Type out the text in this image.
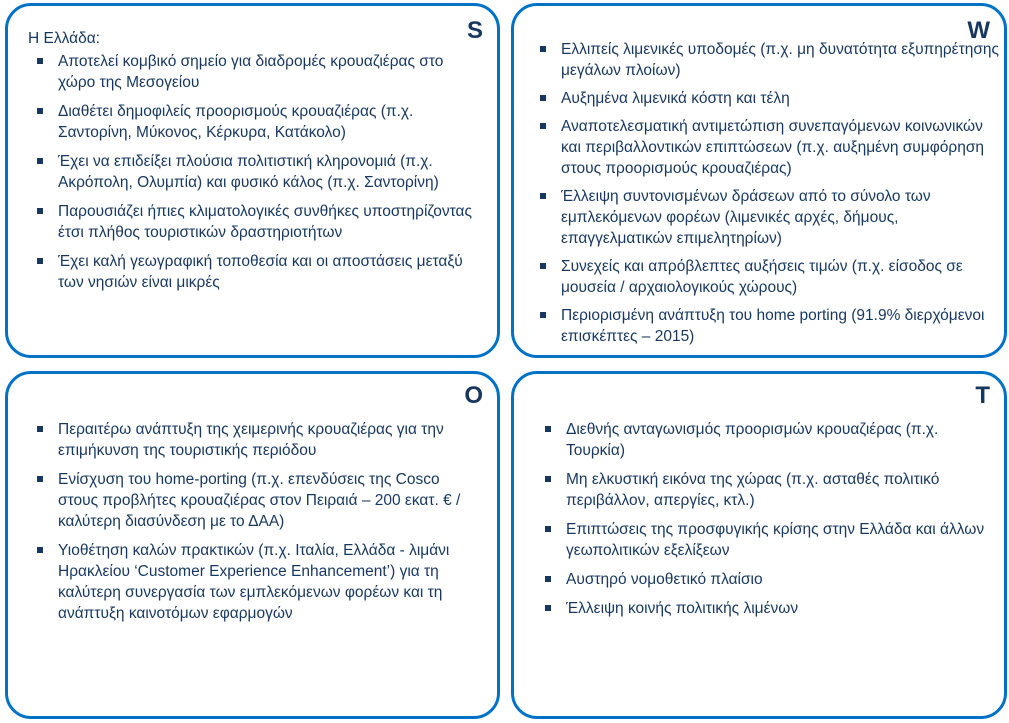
S
Η Ελλάδα:
Αποτελεί κομβικό σημείο για διαδρομές κρουαζιέρας στο χώρο της Μεσογείου
Διαθέτει δημοφιλείς προορισμούς κρουαζιέρας (π.χ. Σαντορίνη, Μύκονος, Κέρκυρα, Κατάκολο)
Έχει να επιδείξει πλούσια πολιτιστική κληρονομιά (π.χ. Ακρόπολη, Ολυμπία) και φυσικό κάλος (π.χ. Σαντορίνη)
Παρουσιάζει ήπιες κλιματολογικές συνθήκες υποστηρίζοντας έτσι πλήθος τουριστικών δραστηριοτήτων
Έχει καλή γεωγραφική τοποθεσία και οι αποστάσεις μεταξύ των νησιών είναι μικρές
W
Ελλιπείς λιμενικές υποδομές (π.χ. μη δυνατότητα εξυπηρέτησης μεγάλων πλοίων)
Αυξημένα λιμενικά κόστη και τέλη
Αναποτελεσματική αντιμετώπιση συνεπαγόμενων κοινωνικών και περιβαλλοντικών επιπτώσεων (π.χ. αυξημένη συμφόρηση στους προορισμούς κρουαζιέρας)
Έλλειψη συντονισμένων δράσεων από το σύνολο των εμπλεκόμενων φορέων (λιμενικές αρχές, δήμους, επαγγελματικών επιμελητηρίων)
Συνεχείς και απρόβλεπτες αυξήσεις τιμών (π.χ. είσοδος σε μουσεία / αρχαιολογικούς χώρους)
Περιορισμένη ανάπτυξη του home porting (91.9% διερχόμενοι επισκέπτες – 2015)
O
Περαιτέρω ανάπτυξη της χειμερινής κρουαζιέρας για την επιμήκυνση της τουριστικής περιόδου
Ενίσχυση του home-porting (π.χ. επενδύσεις της Cosco στους προβλήτες κρουαζιέρας στον Πειραιά – 200 εκατ. € / καλύτερη διασύνδεση με το ΔΑΑ)
Υιοθέτηση καλών πρακτικών (π.χ. Ιταλία, Ελλάδα - λιμάνι Ηρακλείου ‘Customer Experience Enhancement’) για τη καλύτερη συνεργασία των εμπλεκόμενων φορέων και τη ανάπτυξη καινοτόμων εφαρμογών
T
Διεθνής ανταγωνισμός προορισμών κρουαζιέρας (π.χ. Τουρκία)
Μη ελκυστική εικόνα της χώρας (π.χ. ασταθές πολιτικό περιβάλλον, απεργίες, κτλ.)
Επιπτώσεις της προσφυγικής κρίσης στην Ελλάδα και άλλων γεωπολιτικών εξελίξεων
Αυστηρό νομοθετικό πλαίσιο
Έλλειψη κοινής πολιτικής λιμένων
